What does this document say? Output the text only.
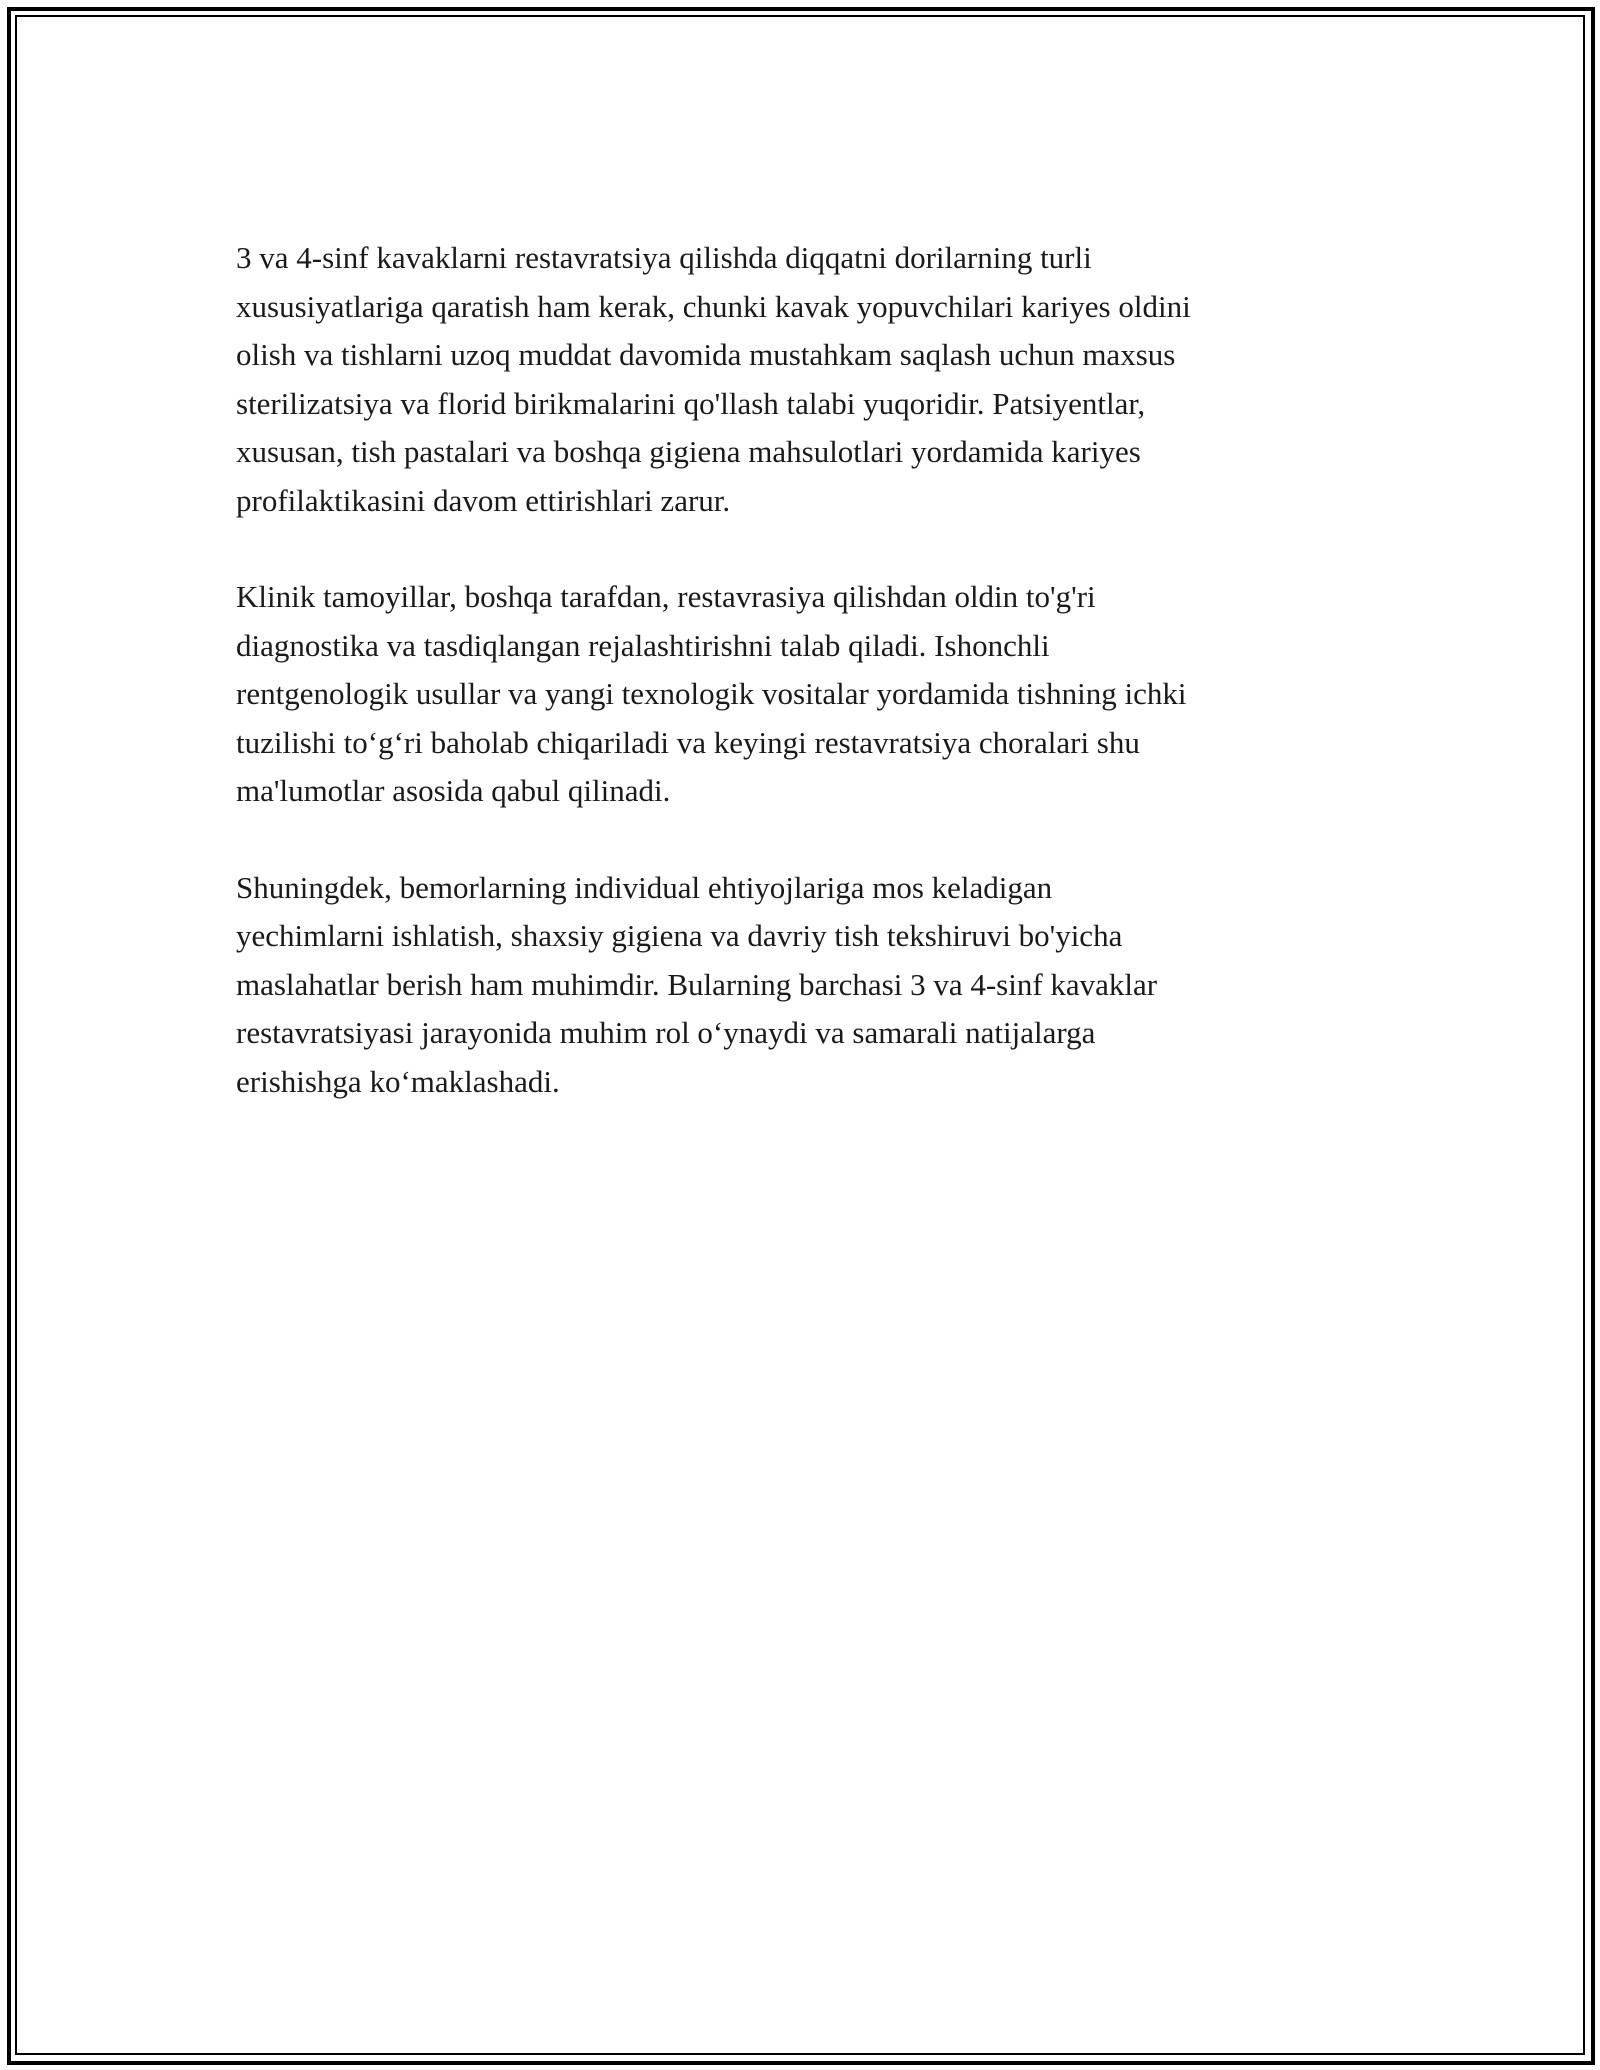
3 va 4-sinf kavaklarni restavratsiya qilishda diqqatni dorilarning turli
xususiyatlariga qaratish ham kerak, chunki kavak yopuvchilari kariyes oldini
olish va tishlarni uzoq muddat davomida mustahkam saqlash uchun maxsus
sterilizatsiya va florid birikmalarini qo'llash talabi yuqoridir. Patsiyentlar,
xususan, tish pastalari va boshqa gigiena mahsulotlari yordamida kariyes
profilaktikasini davom ettirishlari zarur.

Klinik tamoyillar, boshqa tarafdan, restavrasiya qilishdan oldin to'g'ri
diagnostika va tasdiqlangan rejalashtirishni talab qiladi. Ishonchli
rentgenologik usullar va yangi texnologik vositalar yordamida tishning ichki
tuzilishi to‘g‘ri baholab chiqariladi va keyingi restavratsiya choralari shu
ma'lumotlar asosida qabul qilinadi.

Shuningdek, bemorlarning individual ehtiyojlariga mos keladigan
yechimlarni ishlatish, shaxsiy gigiena va davriy tish tekshiruvi bo'yicha
maslahatlar berish ham muhimdir. Bularning barchasi 3 va 4-sinf kavaklar
restavratsiyasi jarayonida muhim rol o‘ynaydi va samarali natijalarga
erishishga ko‘maklashadi.
